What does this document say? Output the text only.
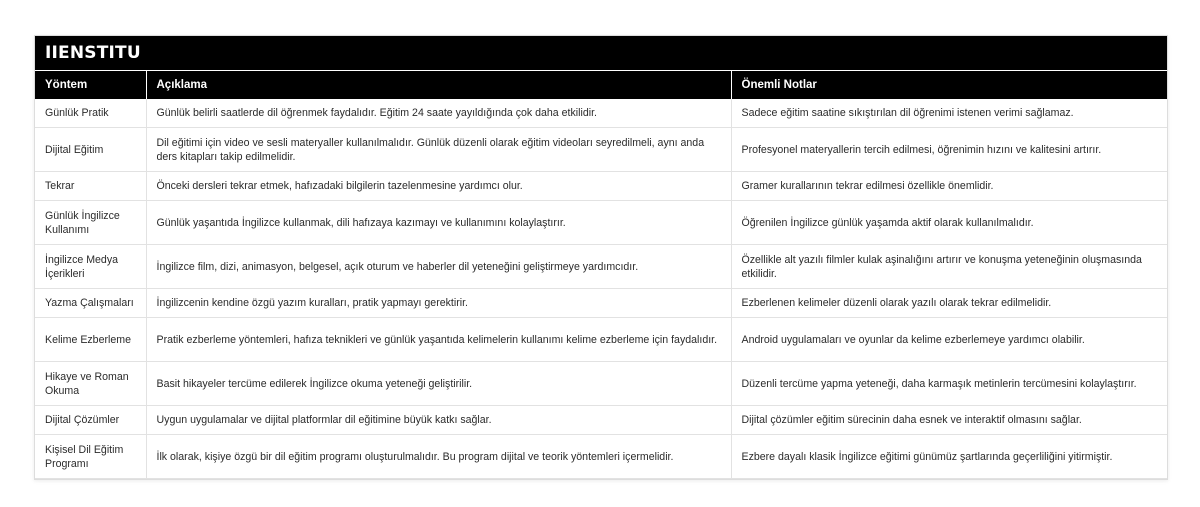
IIENSTITU
Yöntem	Açıklama	Önemli Notlar
Günlük Pratik	Günlük belirli saatlerde dil öğrenmek faydalıdır. Eğitim 24 saate yayıldığında çok daha etkilidir.	Sadece eğitim saatine sıkıştırılan dil öğrenimi istenen verimi sağlamaz.
Dijital Eğitim	Dil eğitimi için video ve sesli materyaller kullanılmalıdır. Günlük düzenli olarak eğitim videoları seyredilmeli, aynı anda ders kitapları takip edilmelidir.	Profesyonel materyallerin tercih edilmesi, öğrenimin hızını ve kalitesini artırır.
Tekrar	Önceki dersleri tekrar etmek, hafızadaki bilgilerin tazelenmesine yardımcı olur.	Gramer kurallarının tekrar edilmesi özellikle önemlidir.
Günlük İngilizce Kullanımı	Günlük yaşantıda İngilizce kullanmak, dili hafızaya kazımayı ve kullanımını kolaylaştırır.	Öğrenilen İngilizce günlük yaşamda aktif olarak kullanılmalıdır.
İngilizce Medya İçerikleri	İngilizce film, dizi, animasyon, belgesel, açık oturum ve haberler dil yeteneğini geliştirmeye yardımcıdır.	Özellikle alt yazılı filmler kulak aşinalığını artırır ve konuşma yeteneğinin oluşmasında etkilidir.
Yazma Çalışmaları	İngilizcenin kendine özgü yazım kuralları, pratik yapmayı gerektirir.	Ezberlenen kelimeler düzenli olarak yazılı olarak tekrar edilmelidir.
Kelime Ezberleme	Pratik ezberleme yöntemleri, hafıza teknikleri ve günlük yaşantıda kelimelerin kullanımı kelime ezberleme için faydalıdır.	Android uygulamaları ve oyunlar da kelime ezberlemeye yardımcı olabilir.
Hikaye ve Roman Okuma	Basit hikayeler tercüme edilerek İngilizce okuma yeteneği geliştirilir.	Düzenli tercüme yapma yeteneği, daha karmaşık metinlerin tercümesini kolaylaştırır.
Dijital Çözümler	Uygun uygulamalar ve dijital platformlar dil eğitimine büyük katkı sağlar.	Dijital çözümler eğitim sürecinin daha esnek ve interaktif olmasını sağlar.
Kişisel Dil Eğitim Programı	İlk olarak, kişiye özgü bir dil eğitim programı oluşturulmalıdır. Bu program dijital ve teorik yöntemleri içermelidir.	Ezbere dayalı klasik İngilizce eğitimi günümüz şartlarında geçerliliğini yitirmiştir.
